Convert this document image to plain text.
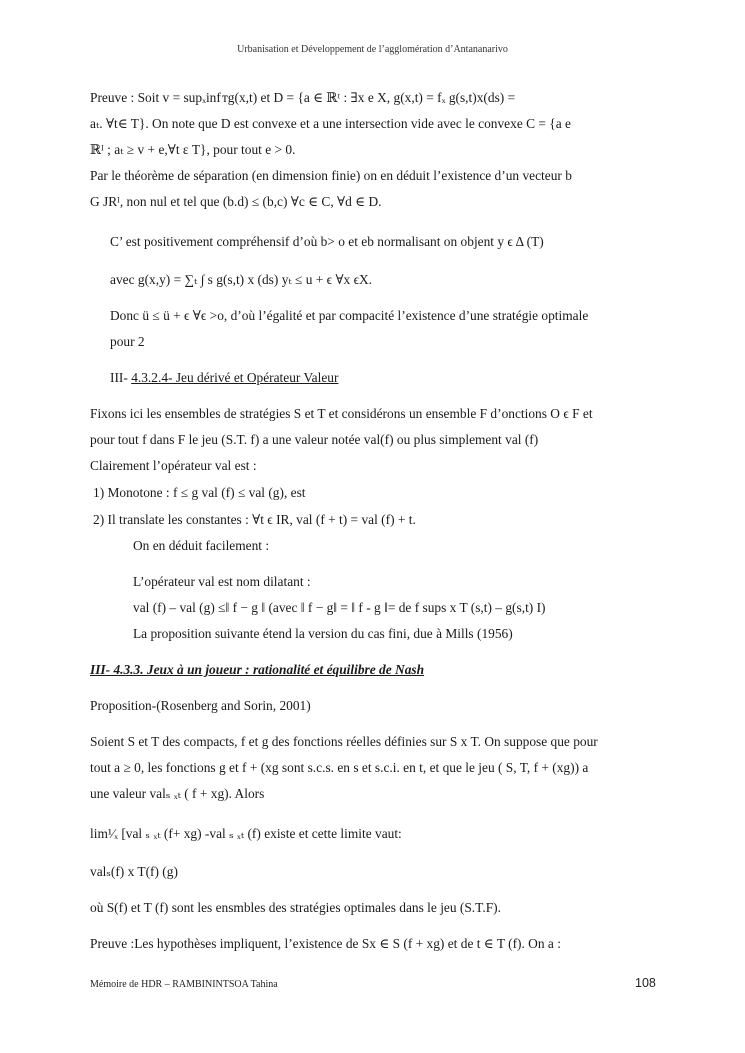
Urbanisation et Développement de l’agglomération d’Antananarivo
Preuve : Soit v = supₓinf ᴛg(x,t) et D = {a ∈ ℝᵗ : ∃x e X, g(x,t) = fₓ g(s,t)x(ds) =
aₜ. ∀t∈ T}. On note que D est convexe et a une intersection vide avec le convexe C = {a e
ℝᴵ ; aₜ ≥ v + e,∀t ε T}, pour tout e > 0.
Par le théorème de séparation (en dimension finie) on en déduit l’existence d’un vecteur b
G JRᴵ, non nul et tel que (b.d) ≤ (b,c) ∀c ∈ C, ∀d ∈ D.
C’ est positivement compréhensif d’où b> o et eb normalisant on objent y ϵ Δ (T)
avec g(x,y) = ∑ₜ ∫ s g(s,t) x (ds) yₜ ≤ u + ϵ ∀x ϵX.
Donc ü ≤ ü + ϵ ∀ϵ >o, d’où l’égalité et par compacité l’existence d’une stratégie optimale
pour 2
III- 4.3.2.4- Jeu dérivé et Opérateur Valeur
Fixons ici les ensembles de stratégies S et T et considérons un ensemble F d’onctions O ϵ F et
pour tout f dans F le jeu (S.T. f) a une valeur notée val(f) ou plus simplement val (f)
Clairement l’opérateur val est :
1) Monotone : f ≤ g val (f) ≤ val (g), est
2) Il translate les constantes : ∀t ϵ IR, val (f + t) = val (f) + t.
On en déduit facilement :
L’opérateur val est nom dilatant :
val (f) – val (g) ≤‖ f − g ‖ (avec ‖ f − g‖ = ‖ f - g ‖= de f sups x T (s,t) – g(s,t) I)
La proposition suivante étend la version du cas fini, due à Mills (1956)
III- 4.3.3. Jeux à un joueur : rationalité et équilibre de Nash
Proposition-(Rosenberg and Sorin, 2001)
Soient S et T des compacts, f et g des fonctions réelles définies sur S x T. On suppose que pour
tout a ≥ 0, les fonctions g et f + (xg sont s.c.s. en s et s.c.i. en t, et que le jeu ( S, T, f + (xg)) a
une valeur valₛ ₓₜ ( f + xg). Alors
lim¹⁄ₓ [val ₛ ₓₜ (f+ xg) -val ₛ ₓₜ (f) existe et cette limite vaut:
valₛ(f) x T(f) (g)
où S(f) et T (f) sont les ensmbles des stratégies optimales dans le jeu (S.T.F).
Preuve :Les hypothèses impliquent, l’existence de Sx ∈ S (f + xg) et de t ∈ T (f). On a :
Mémoire de HDR – RAMBININTSOA Tahina	108
